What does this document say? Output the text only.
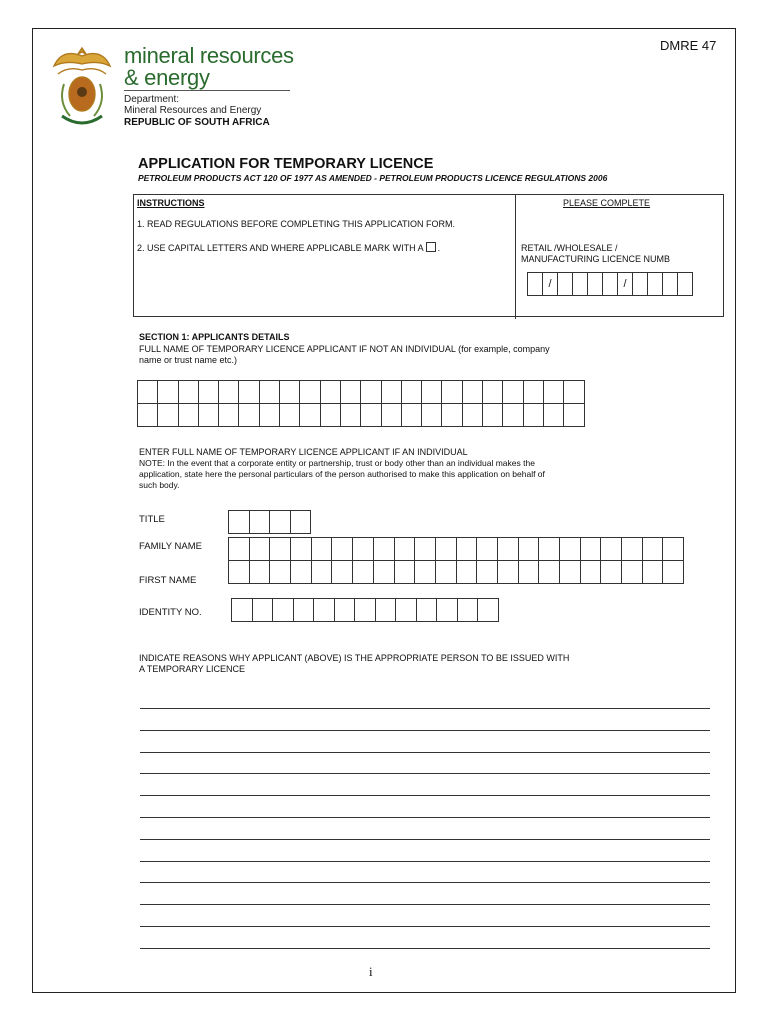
DMRE 47
mineral resources
& energy
Department:
Mineral Resources and Energy
REPUBLIC OF SOUTH AFRICA
APPLICATION FOR TEMPORARY LICENCE
PETROLEUM PRODUCTS ACT 120 OF 1977 AS AMENDED - PETROLEUM PRODUCTS LICENCE REGULATIONS 2006
INSTRUCTIONS
1. READ REGULATIONS BEFORE COMPLETING THIS APPLICATION FORM.
2. USE CAPITAL LETTERS AND WHERE APPLICABLE MARK WITH A .
PLEASE COMPLETE
RETAIL /WHOLESALE /
MANUFACTURING LICENCE NUMB
	/					/				
SECTION 1: APPLICANTS DETAILS
FULL NAME OF TEMPORARY LICENCE APPLICANT IF NOT AN INDIVIDUAL (for example, company
name or trust name etc.)

ENTER FULL NAME OF TEMPORARY LICENCE APPLICANT IF AN INDIVIDUAL
NOTE: In the event that a corporate entity or partnership, trust or body other than an individual makes the
application, state here the personal particulars of the person authorised to make this application on behalf of
such body.
TITLE

FAMILY NAME
FIRST NAME

IDENTITY NO.

INDICATE REASONS WHY APPLICANT (ABOVE) IS THE APPROPRIATE PERSON TO BE ISSUED WITH
A TEMPORARY LICENCE
i
